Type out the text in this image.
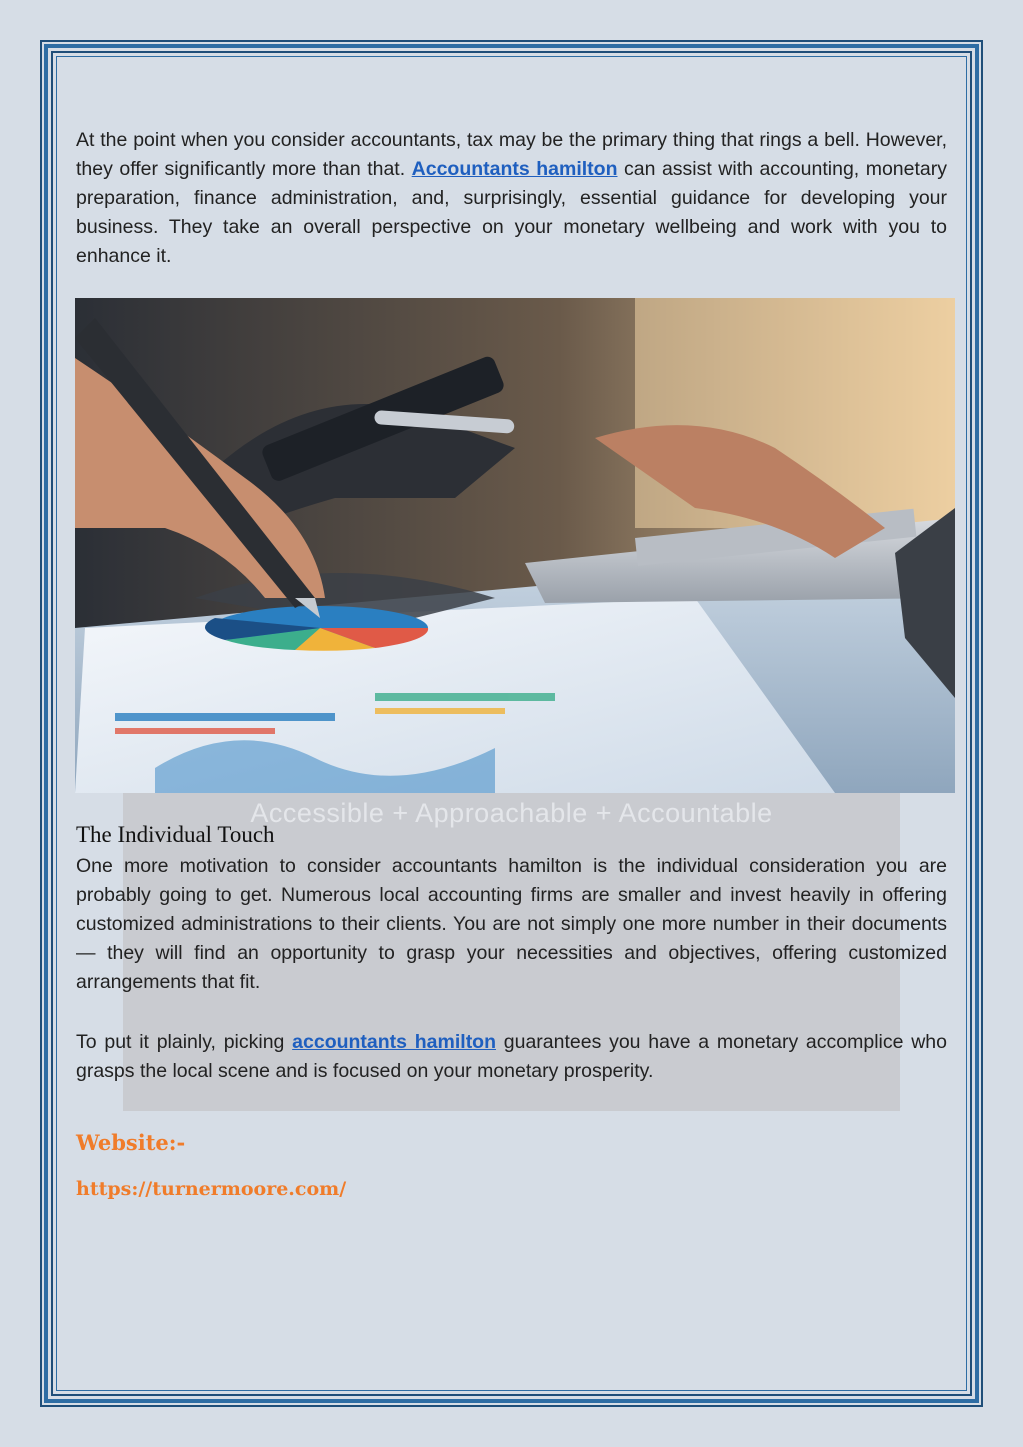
At the point when you consider accountants, tax may be the primary thing that rings a bell. However, they offer significantly more than that. Accountants hamilton can assist with accounting, monetary preparation, finance administration, and, surprisingly, essential guidance for developing your business. They take an overall perspective on your monetary wellbeing and work with you to enhance it.

Accessible + Approachable + Accountable
The Individual Touch

One more motivation to consider accountants hamilton is the individual consideration you are probably going to get. Numerous local accounting firms are smaller and invest heavily in offering customized administrations to their clients. You are not simply one more number in their documents — they will find an opportunity to grasp your necessities and objectives, offering customized arrangements that fit.

To put it plainly, picking accountants hamilton guarantees you have a monetary accomplice who grasps the local scene and is focused on your monetary prosperity.

Website:-
https://turnermoore.com/
